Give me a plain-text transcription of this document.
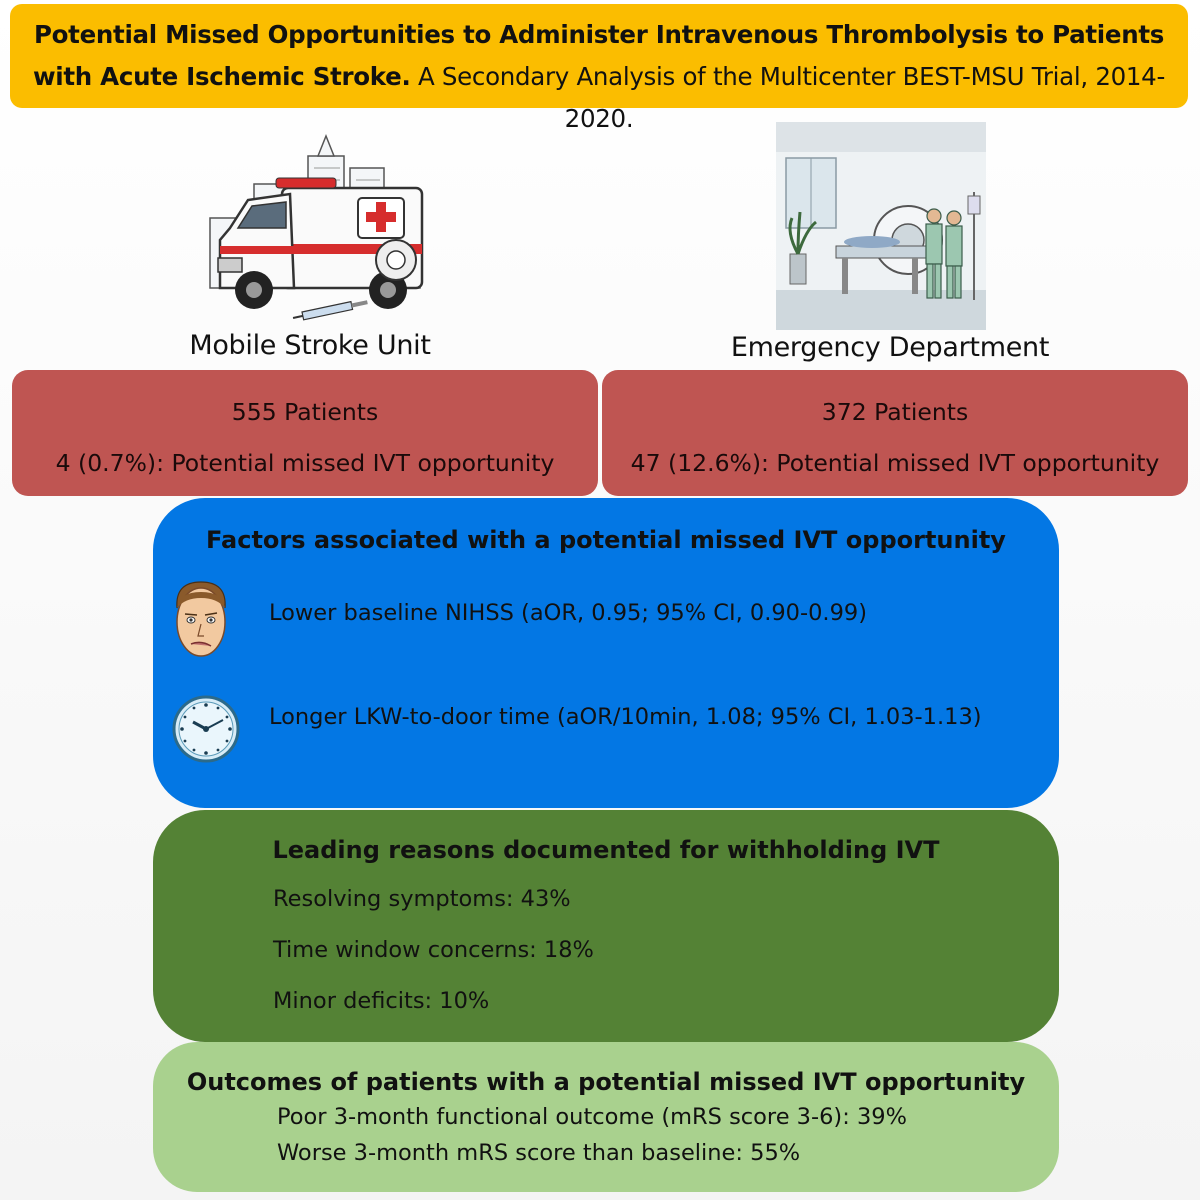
Potential Missed Opportunities to Administer Intravenous Thrombolysis to Patients with Acute Ischemic Stroke. A Secondary Analysis of the Multicenter BEST-MSU Trial, 2014-2020.
Mobile Stroke Unit	Emergency Department
555 Patients
4 (0.7%): Potential missed IVT opportunity
372 Patients
47 (12.6%): Potential missed IVT opportunity
Factors associated with a potential missed IVT opportunity
Lower baseline NIHSS (aOR, 0.95; 95% CI, 0.90-0.99)
Longer LKW-to-door time (aOR/10min, 1.08; 95% CI, 1.03-1.13)
Leading reasons documented for withholding IVT
Resolving symptoms: 43%
Time window concerns: 18%
Minor deficits: 10%
Outcomes of patients with a potential missed IVT opportunity
Poor 3-month functional outcome (mRS score 3-6): 39%
Worse 3-month mRS score than baseline: 55%
